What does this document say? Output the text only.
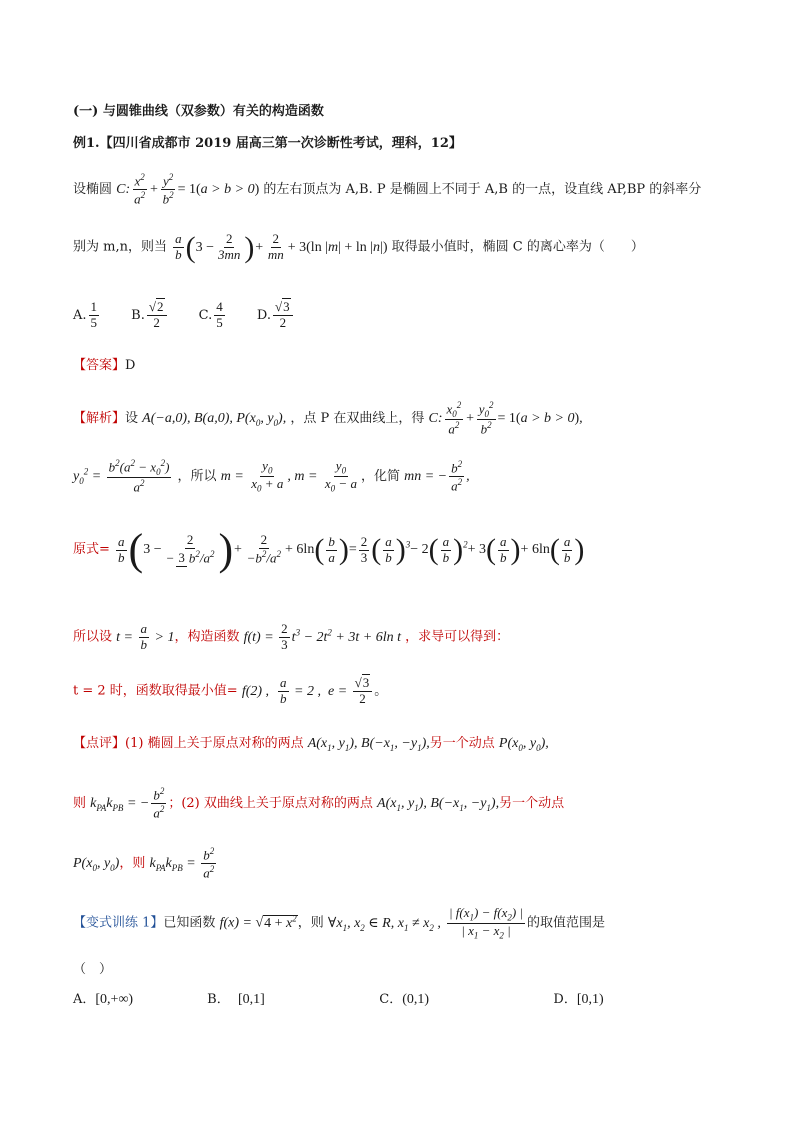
(一) 与圆锥曲线（双参数）有关的构造函数
例1.【四川省成都市 2019 届高三第一次诊断性考试，理科，12】
设椭圆 C: $\frac{x^2}{a^2} + \frac{y^2}{b^2} = 1(a > b > 0)$ 的左右顶点为 A,B. P 是椭圆上不同于 A,B 的一点，设直线 AP,BP 的斜率分
别为 m,n，则当 $\frac{a}{b} (3 - \frac{2}{3mn}$ )+ $\frac{2}{mn} + 3(\ln$ |m| + ln |n|) 取得最小值时，椭圆 C 的离心率为（　　）
A. $\frac{1}{5} B$. $\frac{√2}{2} C$. $\frac{4}{5} D$. $\frac{√3}{2}$
【答案】D
【解析】设 A(−a,0), B(a,0), $P(x_0$, $y_0$), ，点 P 在双曲线上，得 C: $\frac{x_0^2}{a^2} + \frac{y_0^2}{b^2} = 1(a > b > 0)$,
$y_0^2 = \frac{b^2(a^2 - x_0^2)}{a^2}$ ，所以 $m = \frac{y_0}{x_0 + a}$ , $m = \frac{y_0}{x_0 - a}$ ，化简 mn = − $\frac{b^2}{a^2}$ ,
原式= $\frac{a}{b} (3 - \frac{2}{- 3 b^2/a^2}$ )+ $\frac{2}{-b^2/a^2} + 6\ln( \frac{b}{a}$ )= $\frac{2}{3}$ ( $\frac{a}{b} )^3- 2( \frac{a}{b} )^2+ 3( \frac{a}{b}$ )+ $6\ln( \frac{a}{b}$ )
所以设 $t = \frac{a}{b} > 1$，构造函数 $f(t) = \frac{2}{3} t^3 - 2t^2 + 3t + 6\ln$ t ，求导可以得到：
t = 2 时，函数取得最小值= f(2) , $\frac{a}{b} = 2$ ,  $e = \frac{√3}{2}$ 。
【点评】(1) 椭圆上关于原点对称的两点 $A(x_1$, $y_1$), $B(-x_1$, $-y_1$),另一个动点 $P(x_0$, $y_0$),
则 $k_{PA}k_{PB}$ = − $\frac{b^2}{a^2}$ ；(2) 双曲线上关于原点对称的两点 $A(x_1$, $y_1$), $B(-x_1$, $-y_1$),另一个动点
$P(x_0$, $y_0$)，则 $k_{PA}k_{PB} = \frac{b^2}{a^2}$
【变式训练 1】已知函数 $f(x) = √4 + x^2$，则 $\forall x_1$, $x_2$ ∈ R, $x_1 \ne x_2$ , $\frac{| f(x_1) - f(x_2) |}{| x_1 - x_2 |}$ 的取值范围是
（　）
A．[0,+∞)	B． [0,1]	C．(0,1)	D．[0,1)
